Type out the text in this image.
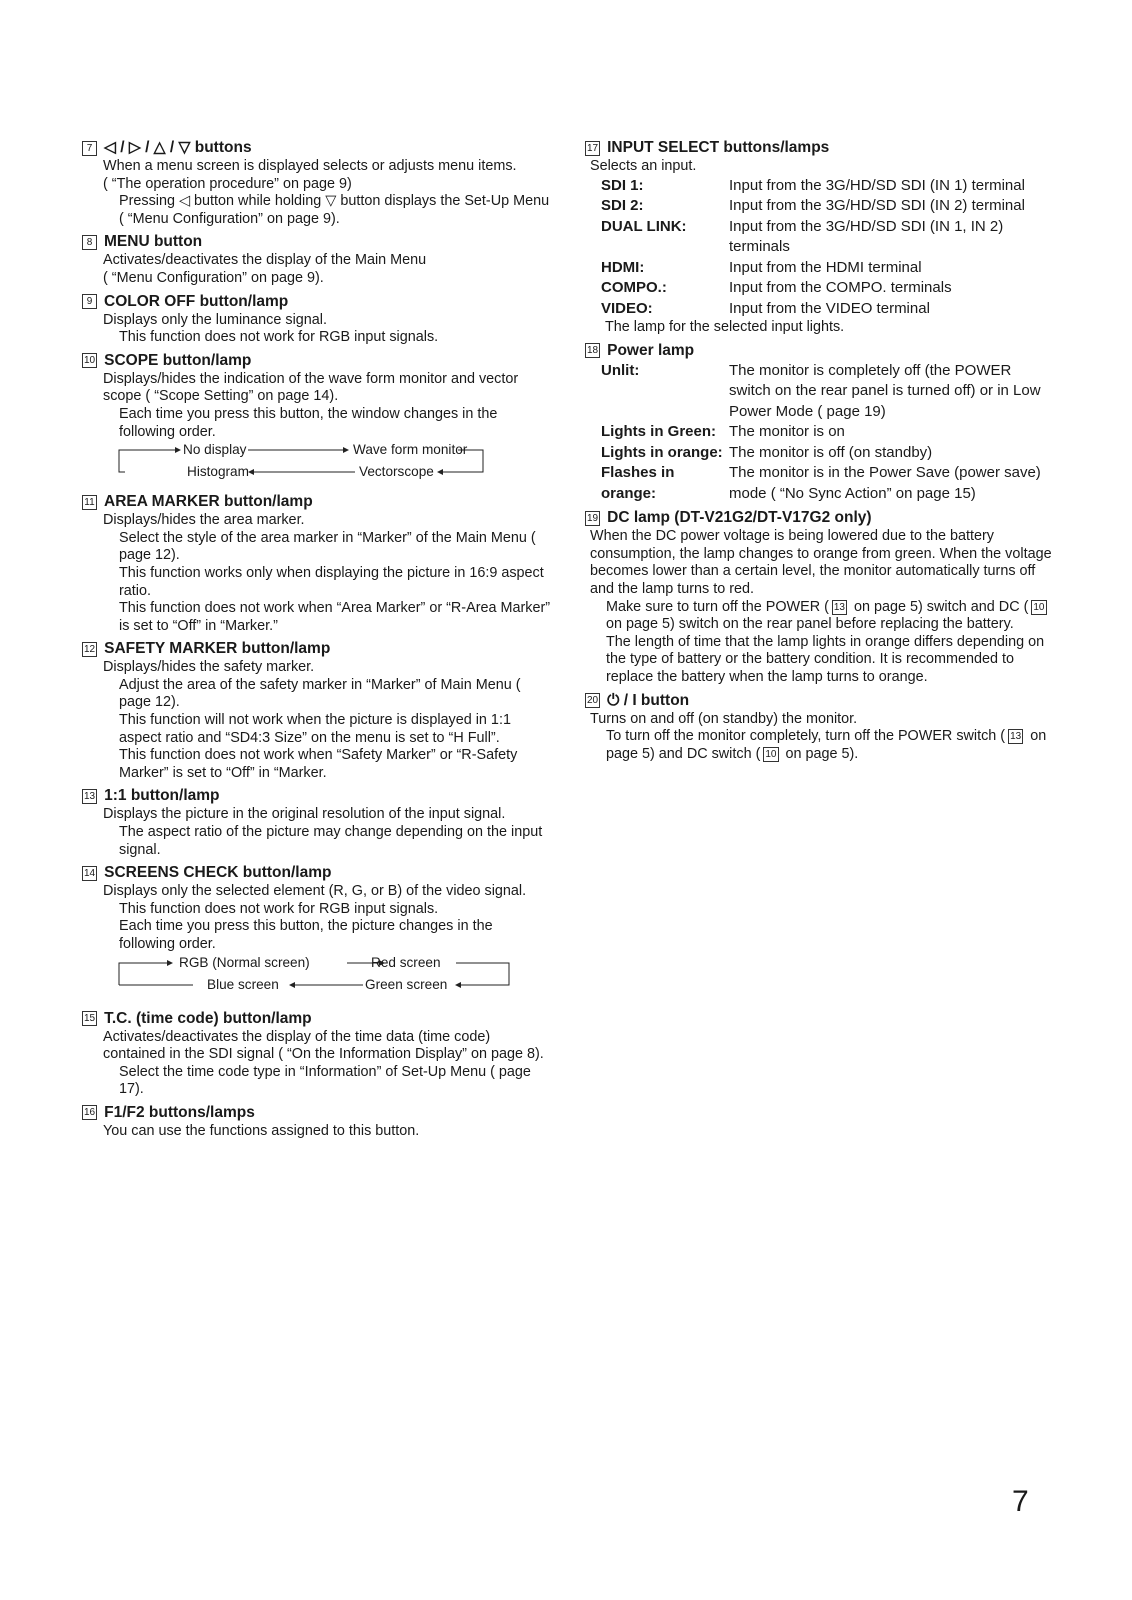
7 ◁ / ▷ / △ / ▽ buttons
When a menu screen is displayed selects or adjusts menu items.
( “The operation procedure” on page 9)
Pressing ◁ button while holding ▽ button displays the Set-Up Menu ( “Menu Configuration” on page 9).
8 MENU button
Activates/deactivates the display of the Main Menu
( “Menu Configuration” on page 9).
9 COLOR OFF button/lamp
Displays only the luminance signal.
This function does not work for RGB input signals.
10 SCOPE button/lamp
Displays/hides the indication of the wave form monitor and vector scope ( “Scope Setting” on page 14).
Each time you press this button, the window changes in the following order.
No display	Wave form monitor
Histogram	Vectorscope
11 AREA MARKER button/lamp
Displays/hides the area marker.
Select the style of the area marker in “Marker” of the Main Menu ( page 12).
This function works only when displaying the picture in 16:9 aspect ratio.
This function does not work when “Area Marker” or “R-Area Marker” is set to “Off” in “Marker.”
12 SAFETY MARKER button/lamp
Displays/hides the safety marker.
Adjust the area of the safety marker in “Marker” of Main Menu ( page 12).
This function will not work when the picture is displayed in 1:1 aspect ratio and “SD4:3 Size” on the menu is set to “H Full”.
This function does not work when “Safety Marker” or “R-Safety Marker” is set to “Off” in “Marker.
13 1:1 button/lamp
Displays the picture in the original resolution of the input signal.
The aspect ratio of the picture may change depending on the input signal.
14 SCREENS CHECK button/lamp
Displays only the selected element (R, G, or B) of the video signal.
This function does not work for RGB input signals.
Each time you press this button, the picture changes in the following order.
RGB (Normal screen)	Red screen
Blue screen	Green screen
15 T.C. (time code) button/lamp
Activates/deactivates the display of the time data (time code) contained in the SDI signal ( “On the Information Display” on page 8).
Select the time code type in “Information” of Set-Up Menu ( page 17).
16 F1/F2 buttons/lamps
You can use the functions assigned to this button.
17 INPUT SELECT buttons/lamps
Selects an input.
SDI 1:	Input from the 3G/HD/SD SDI (IN 1) terminal
SDI 2:	Input from the 3G/HD/SD SDI (IN 2) terminal
DUAL LINK:	Input from the 3G/HD/SD SDI (IN 1, IN 2) terminals
HDMI:	Input from the HDMI terminal
COMPO.:	Input from the COMPO. terminals
VIDEO:	Input from the VIDEO terminal
The lamp for the selected input lights.
18 Power lamp
Unlit:	The monitor is completely off (the POWER switch on the rear panel is turned off) or in Low Power Mode ( page 19)
Lights in Green: The monitor is on
Lights in orange: The monitor is off (on standby)
Flashes in orange:
The monitor is in the Power Save (power save) mode ( “No Sync Action” on page 15)
19 DC lamp (DT-V21G2/DT-V17G2 only)
When the DC power voltage is being lowered due to the battery consumption, the lamp changes to orange from green. When the voltage becomes lower than a certain level, the monitor automatically turns off and the lamp turns to red.
Make sure to turn off the POWER ( 13 on page 5) switch and DC ( 10 on page 5) switch on the rear panel before replacing the battery.
The length of time that the lamp lights in orange differs depending on the type of battery or the battery condition. It is recommended to replace the battery when the lamp turns to orange.
20 ⏻
/ I button
Turns on and off (on standby) the monitor.
To turn off the monitor completely, turn off the POWER switch ( 13 on page 5) and DC switch ( 10 on page 5).
7
